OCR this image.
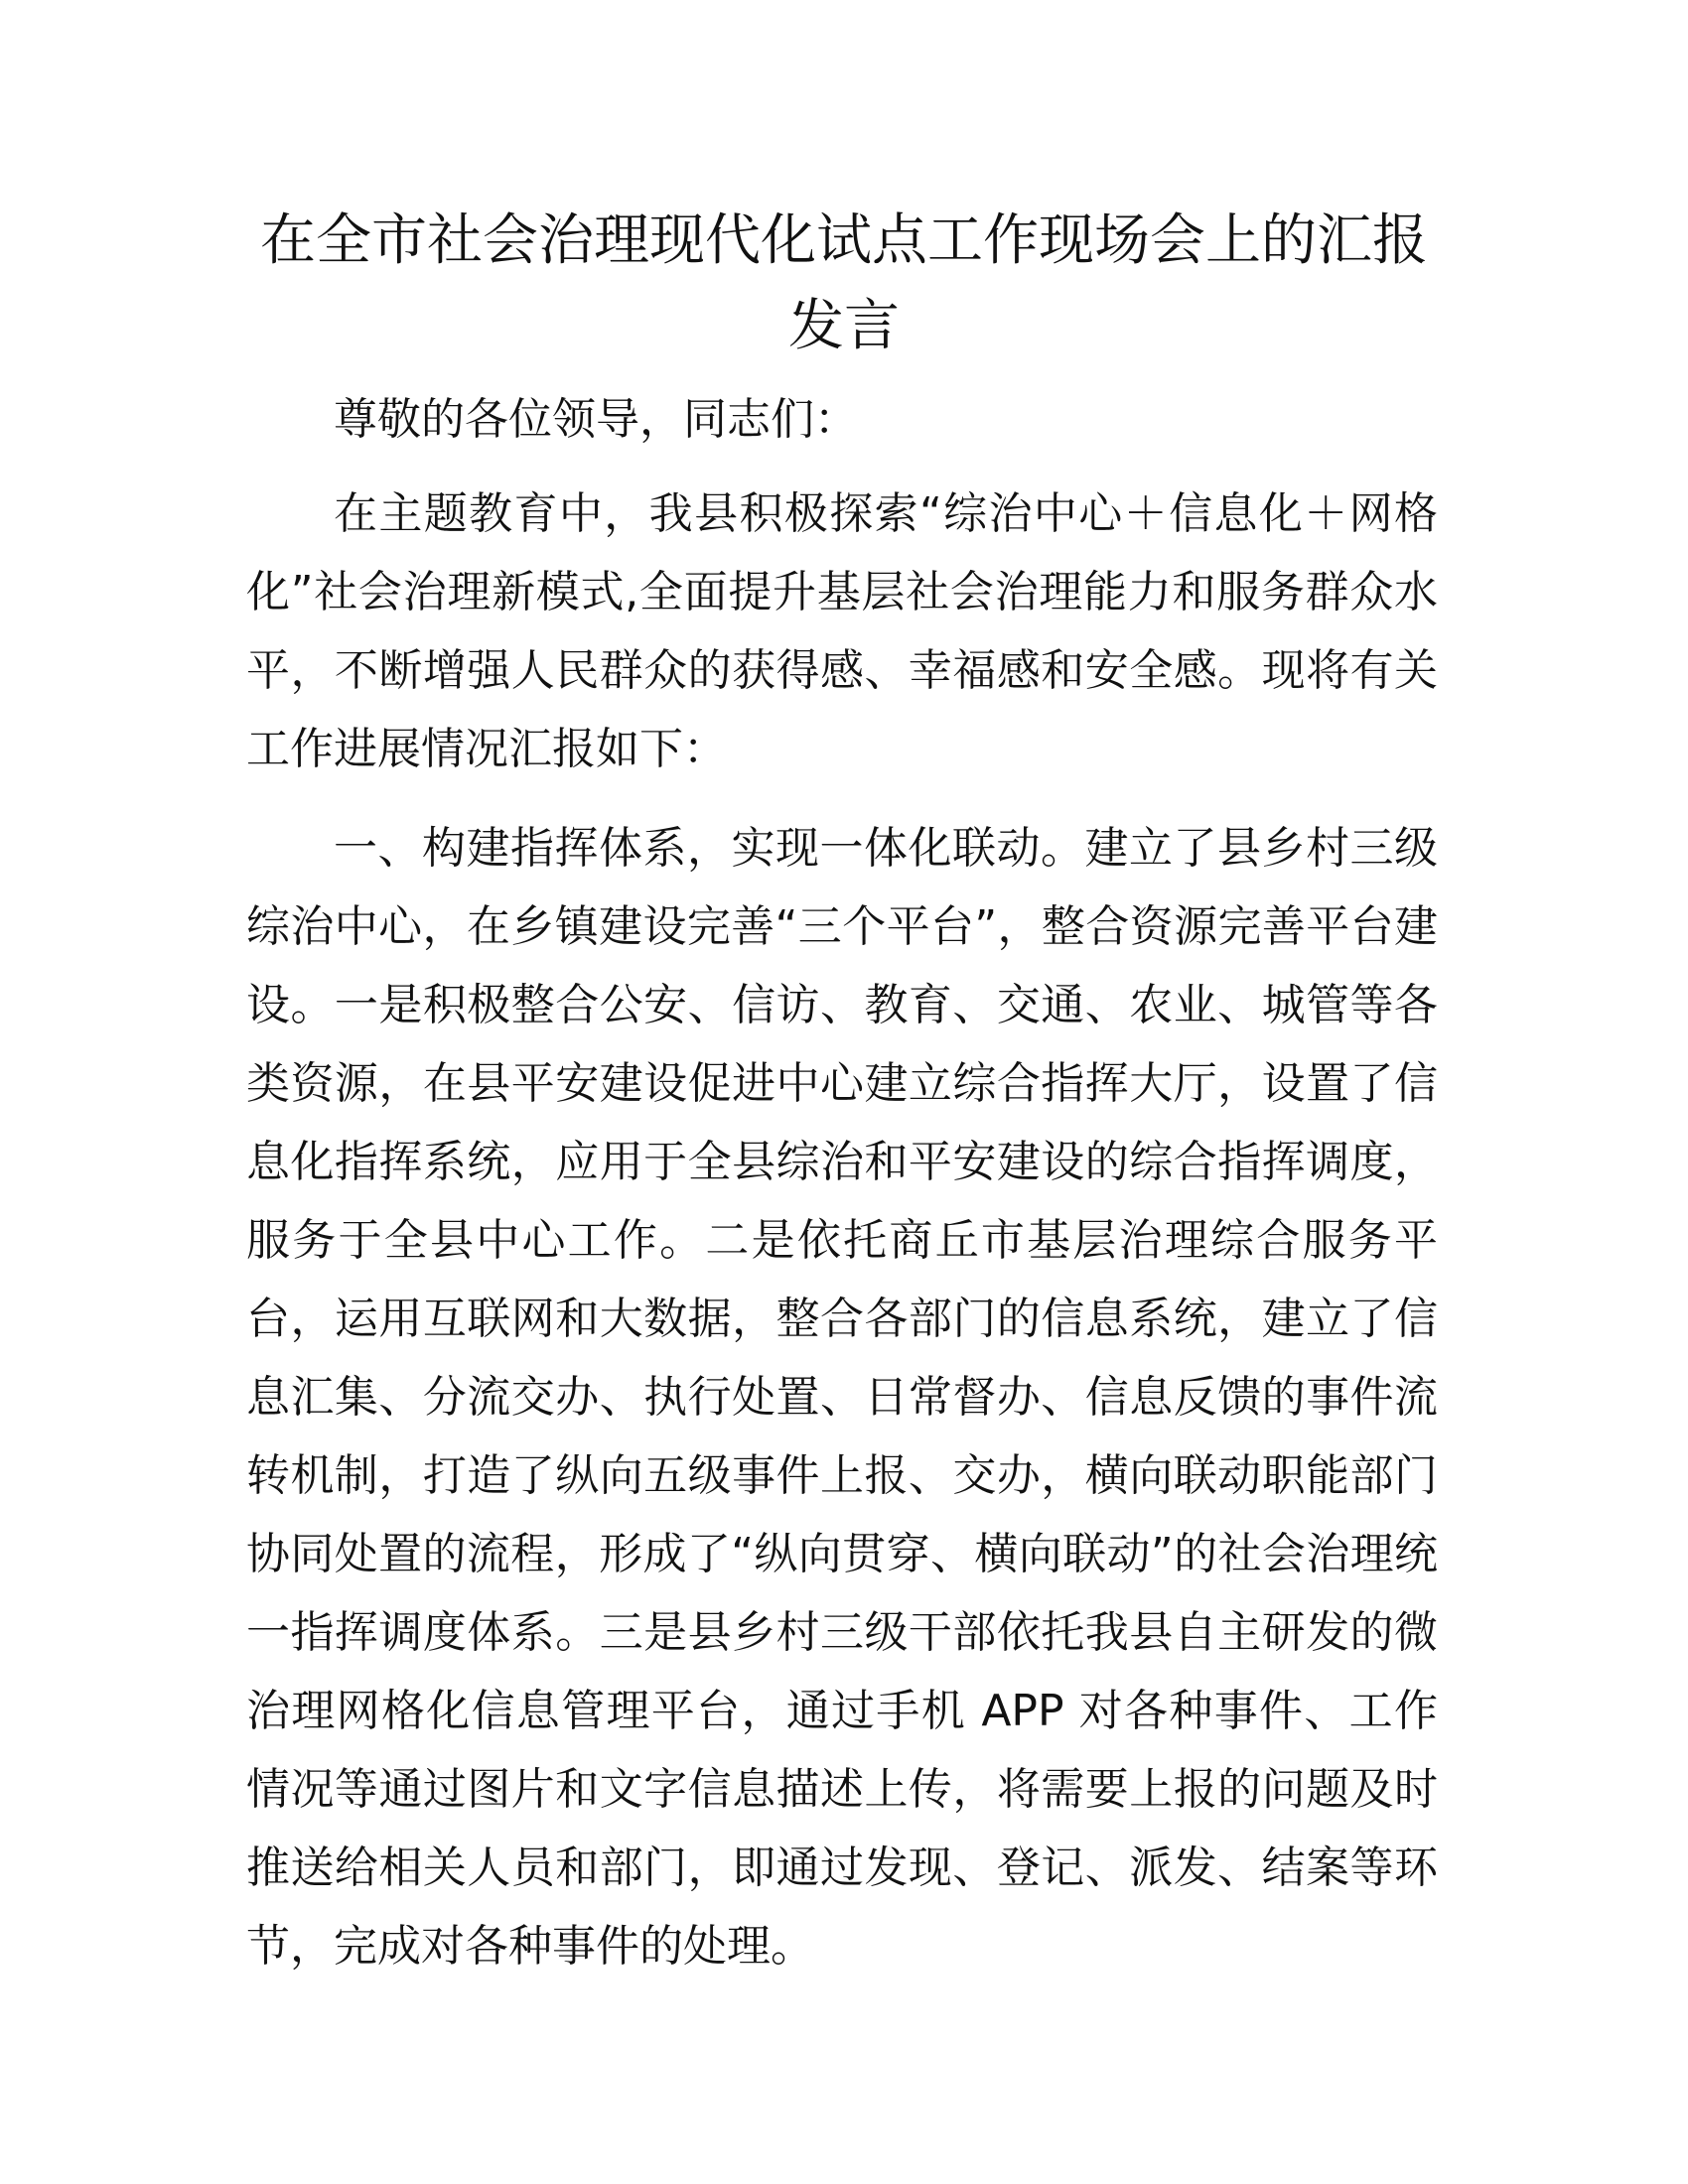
在全市社会治理现代化试点工作现场会上的汇报发言

尊敬的各位领导，同志们：

在主题教育中，我县积极探索“综治中心＋信息化＋网格化”社会治理新模式,全面提升基层社会治理能力和服务群众水平，不断增强人民群众的获得感、幸福感和安全感。现将有关工作进展情况汇报如下：

一、构建指挥体系，实现一体化联动。建立了县乡村三级综治中心，在乡镇建设完善“三个平台”，整合资源完善平台建设。一是积极整合公安、信访、教育、交通、农业、城管等各类资源，在县平安建设促进中心建立综合指挥大厅，设置了信息化指挥系统，应用于全县综治和平安建设的综合指挥调度，服务于全县中心工作。二是依托商丘市基层治理综合服务平台，运用互联网和大数据，整合各部门的信息系统，建立了信息汇集、分流交办、执行处置、日常督办、信息反馈的事件流转机制，打造了纵向五级事件上报、交办，横向联动职能部门协同处置的流程，形成了“纵向贯穿、横向联动”的社会治理统一指挥调度体系。三是县乡村三级干部依托我县自主研发的微治理网格化信息管理平台，通过手机 APP 对各种事件、工作情况等通过图片和文字信息描述上传，将需要上报的问题及时推送给相关人员和部门，即通过发现、登记、派发、结案等环节，完成对各种事件的处理。
